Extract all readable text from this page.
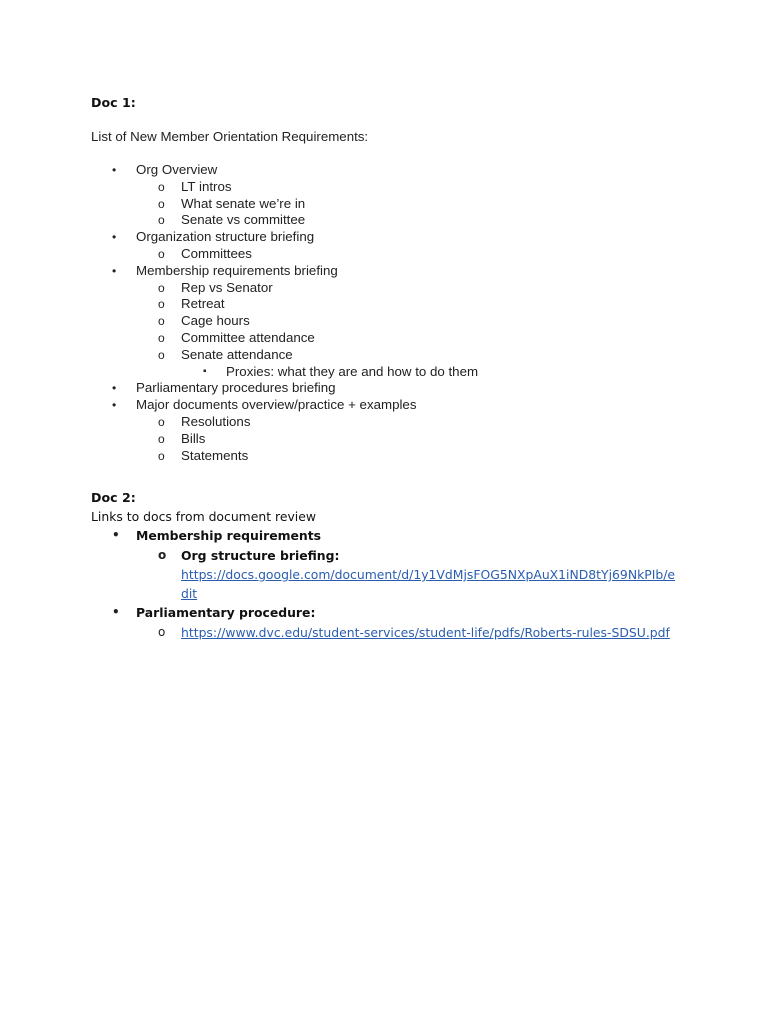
Doc 1:
List of New Member Orientation Requirements:
• Org Overview
o LT intros
o What senate we’re in
o Senate vs committee
• Organization structure briefing
o Committees
• Membership requirements briefing
o Rep vs Senator
o Retreat
o Cage hours
o Committee attendance
o Senate attendance
▪ Proxies: what they are and how to do them
• Parliamentary procedures briefing
• Major documents overview/practice + examples
o Resolutions
o Bills
o Statements
Doc 2:
Links to docs from document review
• Membership requirements
o Org structure briefing:
https://docs.google.com/document/d/1y1VdMjsFOG5NXpAuX1iND8tYj69NkPIb/edit
• Parliamentary procedure:
o https://www.dvc.edu/student-services/student-life/pdfs/Roberts-rules-SDSU.pdf
